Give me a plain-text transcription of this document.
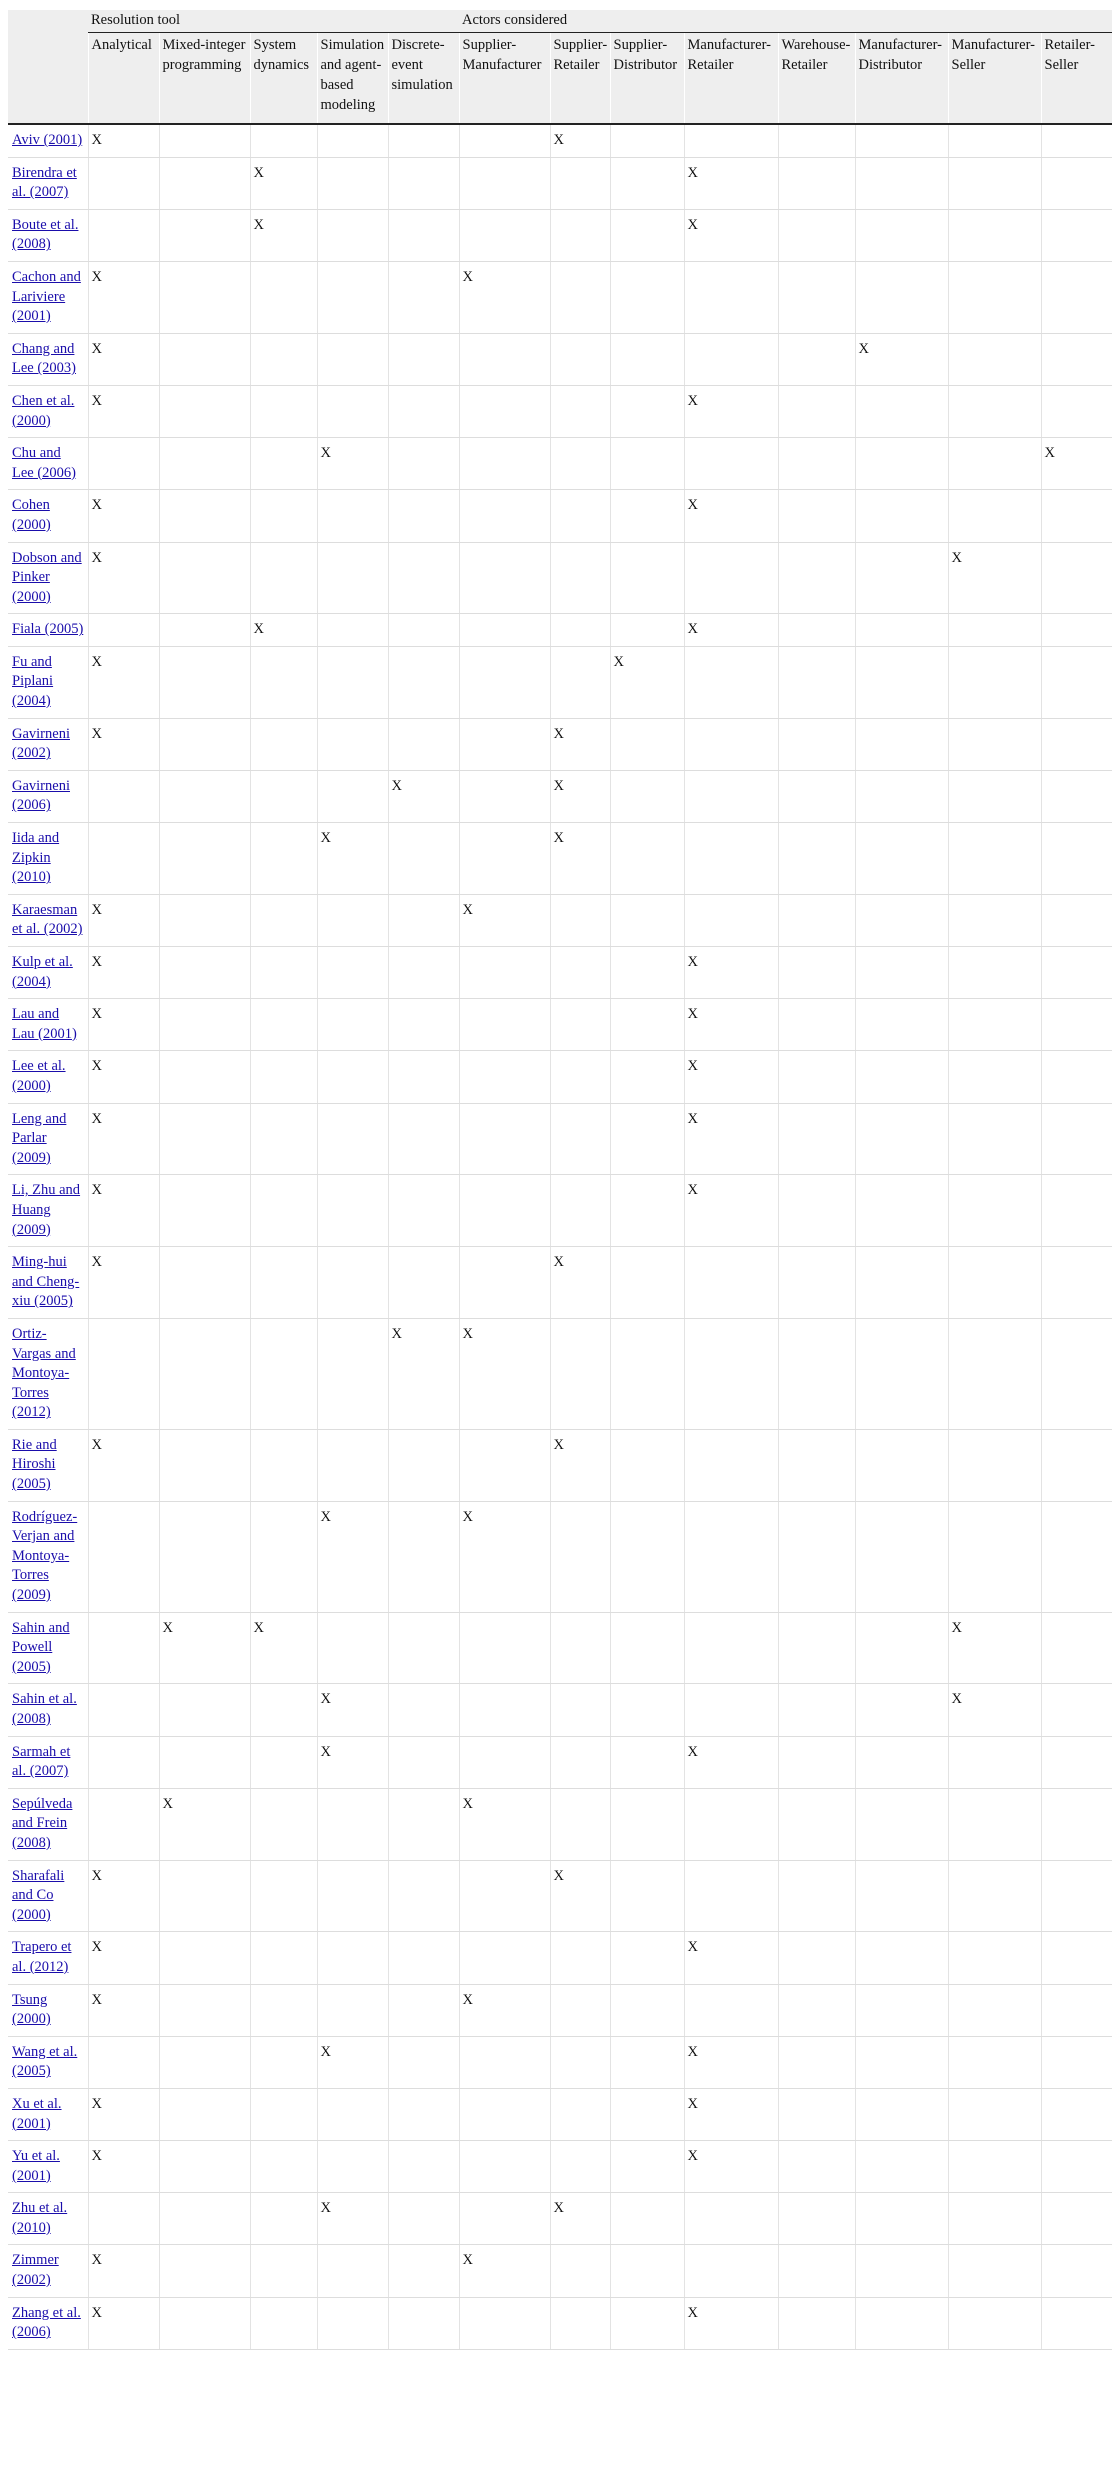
	Resolution tool					Actors considered							
	Analytical	Mixed-integer programming	System dynamics	Simulation and agent-based modeling	Discrete-event simulation	Supplier-Manufacturer	Supplier-Retailer	Supplier-Distributor	Manufacturer-Retailer	Warehouse-Retailer	Manufacturer-Distributor	Manufacturer-Seller	Retailer-Seller
Aviv (2001)	X						X						
Birendra et al. (2007)			X						X				
Boute et al. (2008)			X						X				
Cachon and Lariviere (2001)	X					X							
Chang and Lee (2003)	X										X		
Chen et al. (2000)	X								X				
Chu and Lee (2006)				X									X
Cohen (2000)	X								X				
Dobson and Pinker (2000)	X											X	
Fiala (2005)			X						X				
Fu and Piplani (2004)	X							X					
Gavirneni (2002)	X						X						
Gavirneni (2006)					X		X						
Iida and Zipkin (2010)				X			X						
Karaesman et al. (2002)	X					X							
Kulp et al. (2004)	X								X				
Lau and Lau (2001)	X								X				
Lee et al. (2000)	X								X				
Leng and Parlar (2009)	X								X				
Li, Zhu and Huang (2009)	X								X				
Ming-hui and Cheng-xiu (2005)	X						X						
Ortiz-Vargas and Montoya-Torres (2012)					X	X							
Rie and Hiroshi (2005)	X						X						
Rodríguez-Verjan and Montoya-Torres (2009)				X		X							
Sahin and Powell (2005)		X	X									X	
Sahin et al. (2008)				X								X	
Sarmah et al. (2007)				X					X				
Sepúlveda and Frein (2008)		X				X							
Sharafali and Co (2000)	X						X						
Trapero et al. (2012)	X								X				
Tsung (2000)	X					X							
Wang et al. (2005)				X					X				
Xu et al. (2001)	X								X				
Yu et al. (2001)	X								X				
Zhu et al. (2010)				X			X						
Zimmer (2002)	X					X							
Zhang et al. (2006)	X								X				
